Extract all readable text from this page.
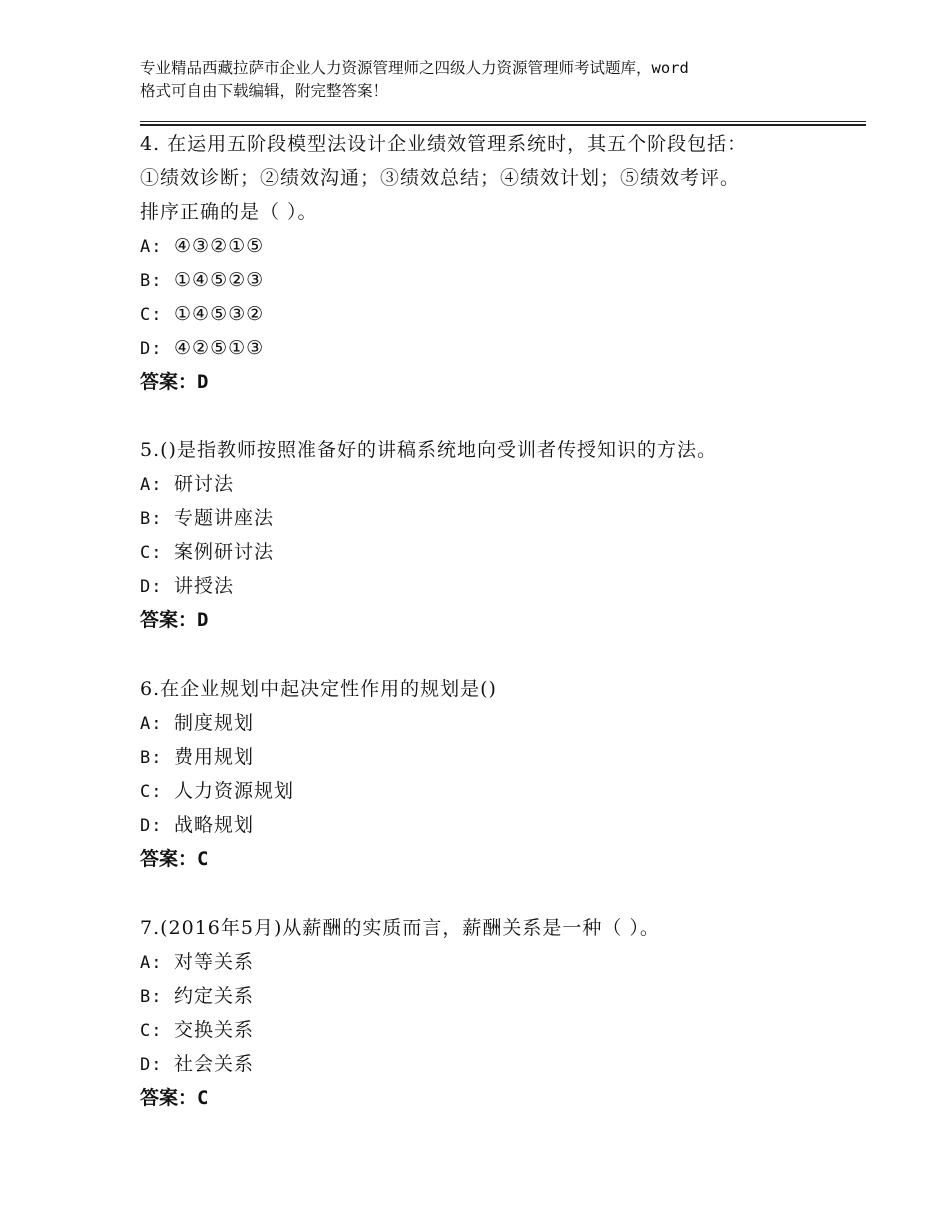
专业精品西藏拉萨市企业人力资源管理师之四级人力资源管理师考试题库，word
格式可自由下载编辑，附完整答案！
4. 在运用五阶段模型法设计企业绩效管理系统时，其五个阶段包括：
①绩效诊断；②绩效沟通；③绩效总结；④绩效计划；⑤绩效考评。
排序正确的是（ ）。
A: ④③②①⑤
B: ①④⑤②③
C: ①④⑤③②
D: ④②⑤①③
答案：D
5.()是指教师按照准备好的讲稿系统地向受训者传授知识的方法。
A: 研讨法
B: 专题讲座法
C: 案例研讨法
D: 讲授法
答案：D
6.在企业规划中起决定性作用的规划是()
A: 制度规划
B: 费用规划
C: 人力资源规划
D: 战略规划
答案：C
7.(2016年5月)从薪酬的实质而言，薪酬关系是一种（ ）。
A: 对等关系
B: 约定关系
C: 交换关系
D: 社会关系
答案：C
